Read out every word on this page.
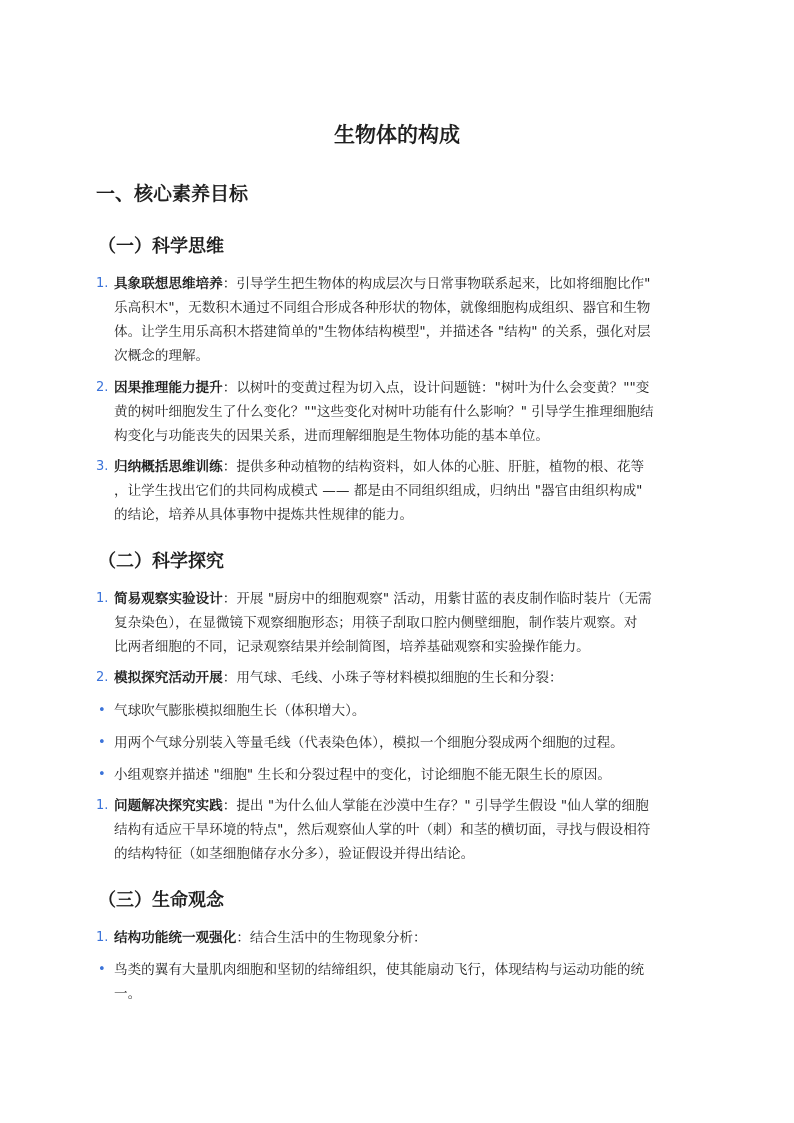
生物体的构成
一、核心素养目标
（一）科学思维
1. 具象联想思维培养：引导学生把生物体的构成层次与日常事物联系起来，比如将细胞比作"
乐高积木"，无数积木通过不同组合形成各种形状的物体，就像细胞构成组织、器官和生物
体。让学生用乐高积木搭建简单的"生物体结构模型"，并描述各 "结构" 的关系，强化对层
次概念的理解。
2. 因果推理能力提升：以树叶的变黄过程为切入点，设计问题链："树叶为什么会变黄？""变
黄的树叶细胞发生了什么变化？""这些变化对树叶功能有什么影响？" 引导学生推理细胞结
构变化与功能丧失的因果关系，进而理解细胞是生物体功能的基本单位。
3. 归纳概括思维训练：提供多种动植物的结构资料，如人体的心脏、肝脏，植物的根、花等
，让学生找出它们的共同构成模式 —— 都是由不同组织组成，归纳出 "器官由组织构成"
的结论，培养从具体事物中提炼共性规律的能力。
（二）科学探究
1. 简易观察实验设计：开展 "厨房中的细胞观察" 活动，用紫甘蓝的表皮制作临时装片（无需
复杂染色），在显微镜下观察细胞形态；用筷子刮取口腔内侧壁细胞，制作装片观察。对
比两者细胞的不同，记录观察结果并绘制简图，培养基础观察和实验操作能力。
2. 模拟探究活动开展：用气球、毛线、小珠子等材料模拟细胞的生长和分裂：
• 气球吹气膨胀模拟细胞生长（体积增大）。
• 用两个气球分别装入等量毛线（代表染色体），模拟一个细胞分裂成两个细胞的过程。
• 小组观察并描述 "细胞" 生长和分裂过程中的变化，讨论细胞不能无限生长的原因。
1. 问题解决探究实践：提出 "为什么仙人掌能在沙漠中生存？" 引导学生假设 "仙人掌的细胞
结构有适应干旱环境的特点"，然后观察仙人掌的叶（刺）和茎的横切面，寻找与假设相符
的结构特征（如茎细胞储存水分多），验证假设并得出结论。
（三）生命观念
1. 结构功能统一观强化：结合生活中的生物现象分析：
• 鸟类的翼有大量肌肉细胞和坚韧的结缔组织，使其能扇动飞行，体现结构与运动功能的统
一。
